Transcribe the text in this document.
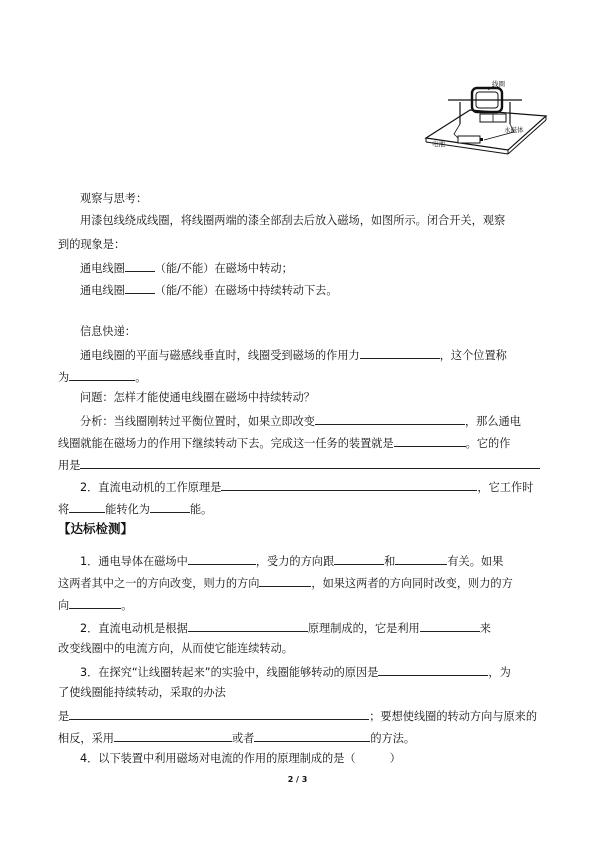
线圈
永磁体
电池
观察与思考：
用漆包线绕成线圈，将线圈两端的漆全部刮去后放入磁场，如图所示。闭合开关，观察
到的现象是：
通电线圈	（能/不能）在磁场中转动；
通电线圈	（能/不能）在磁场中持续转动下去。
信息快递：
通电线圈的平面与磁感线垂直时，线圈受到磁场的作用力	，这个位置称
为	。
问题：怎样才能使通电线圈在磁场中持续转动？
分析：当线圈刚转过平衡位置时，如果立即改变	，那么通电
线圈就能在磁场力的作用下继续转动下去。完成这一任务的装置就是	。它的作
用是
2．直流电动机的工作原理是	，它工作时
将	能转化为	能。
【达标检测】
1．通电导体在磁场中	，受力的方向跟	和	有关。如果
这两者其中之一的方向改变，则力的方向	，如果这两者的方向同时改变，则力的方
向	。
2．直流电动机是根据	原理制成的，它是利用	来
改变线圈中的电流方向，从而使它能连续转动。
3．在探究“让线圈转起来”的实验中，线圈能够转动的原因是	，为
了使线圈能持续转动，采取的办法
是	；要想使线圈的转动方向与原来的
相反，采用	或者	的方法。
4．以下装置中利用磁场对电流的作用的原理制成的是（	）
2 / 3
